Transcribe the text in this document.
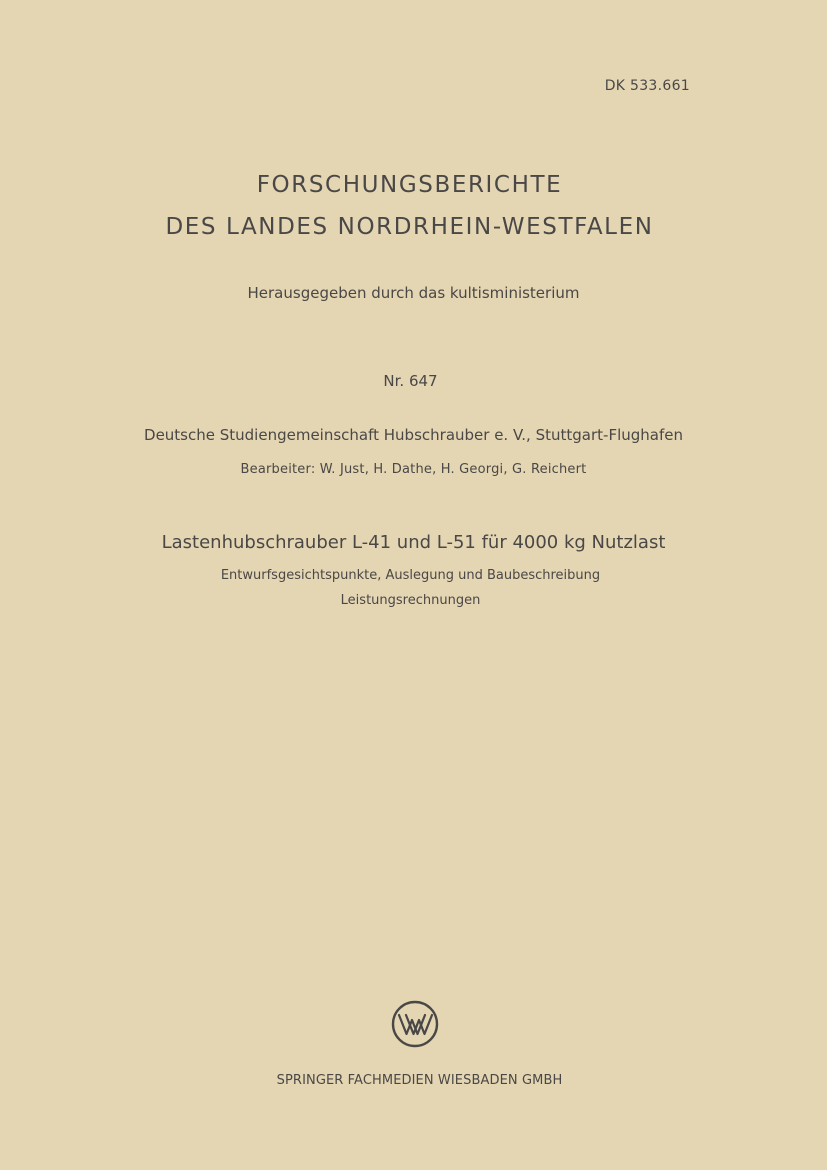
DK 533.661
FORSCHUNGSBERICHTE
DES LANDES NORDRHEIN-WESTFALEN
Herausgegeben durch das kultisministerium
Nr. 647
Deutsche Studiengemeinschaft Hubschrauber e. V., Stuttgart-Flughafen
Bearbeiter: W. Just, H. Dathe, H. Georgi, G. Reichert
Lastenhubschrauber L-41 und L-51 für 4000 kg Nutzlast
Entwurfsgesichtspunkte, Auslegung und Baubeschreibung
Leistungsrechnungen
SPRINGER FACHMEDIEN WIESBADEN GMBH
